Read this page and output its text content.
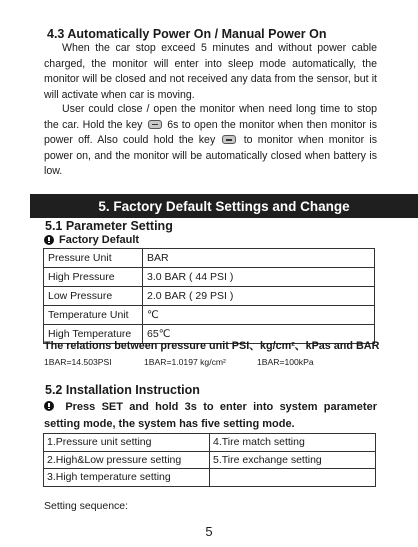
4.3 Automatically Power On / Manual Power On
When the car stop exceed 5 minutes and without power cable charged, the monitor will enter into sleep mode automatically, the monitor will be closed and not received any data from the sensor, but it will activate when car is moving.
User could close / open the monitor when need long time to stop the car. Hold the key 6s to open the monitor when then monitor is power off. Also could hold the key	to monitor when monitor is power on, and the monitor will be automatically closed when battery is low.
5. Factory Default Settings and Change
5.1 Parameter Setting
Factory Default
Pressure Unit	BAR
High Pressure	3.0 BAR ( 44 PSI )
Low Pressure	2.0 BAR ( 29 PSI )
Temperature Unit	℃
High Temperature	65℃
The relations between pressure unit PSI、kg/cm²、kPas and BAR
1BAR=14.503PSI	1BAR=1.0197 kg/cm²	1BAR=100kPa
5.2 Installation Instruction
Press SET and hold 3s to enter into system parameter setting mode, the system has five setting mode.
1.Pressure unit setting	4.Tire match setting
2.High&Low pressure setting	5.Tire exchange setting
3.High temperature setting	
Setting sequence:
5
